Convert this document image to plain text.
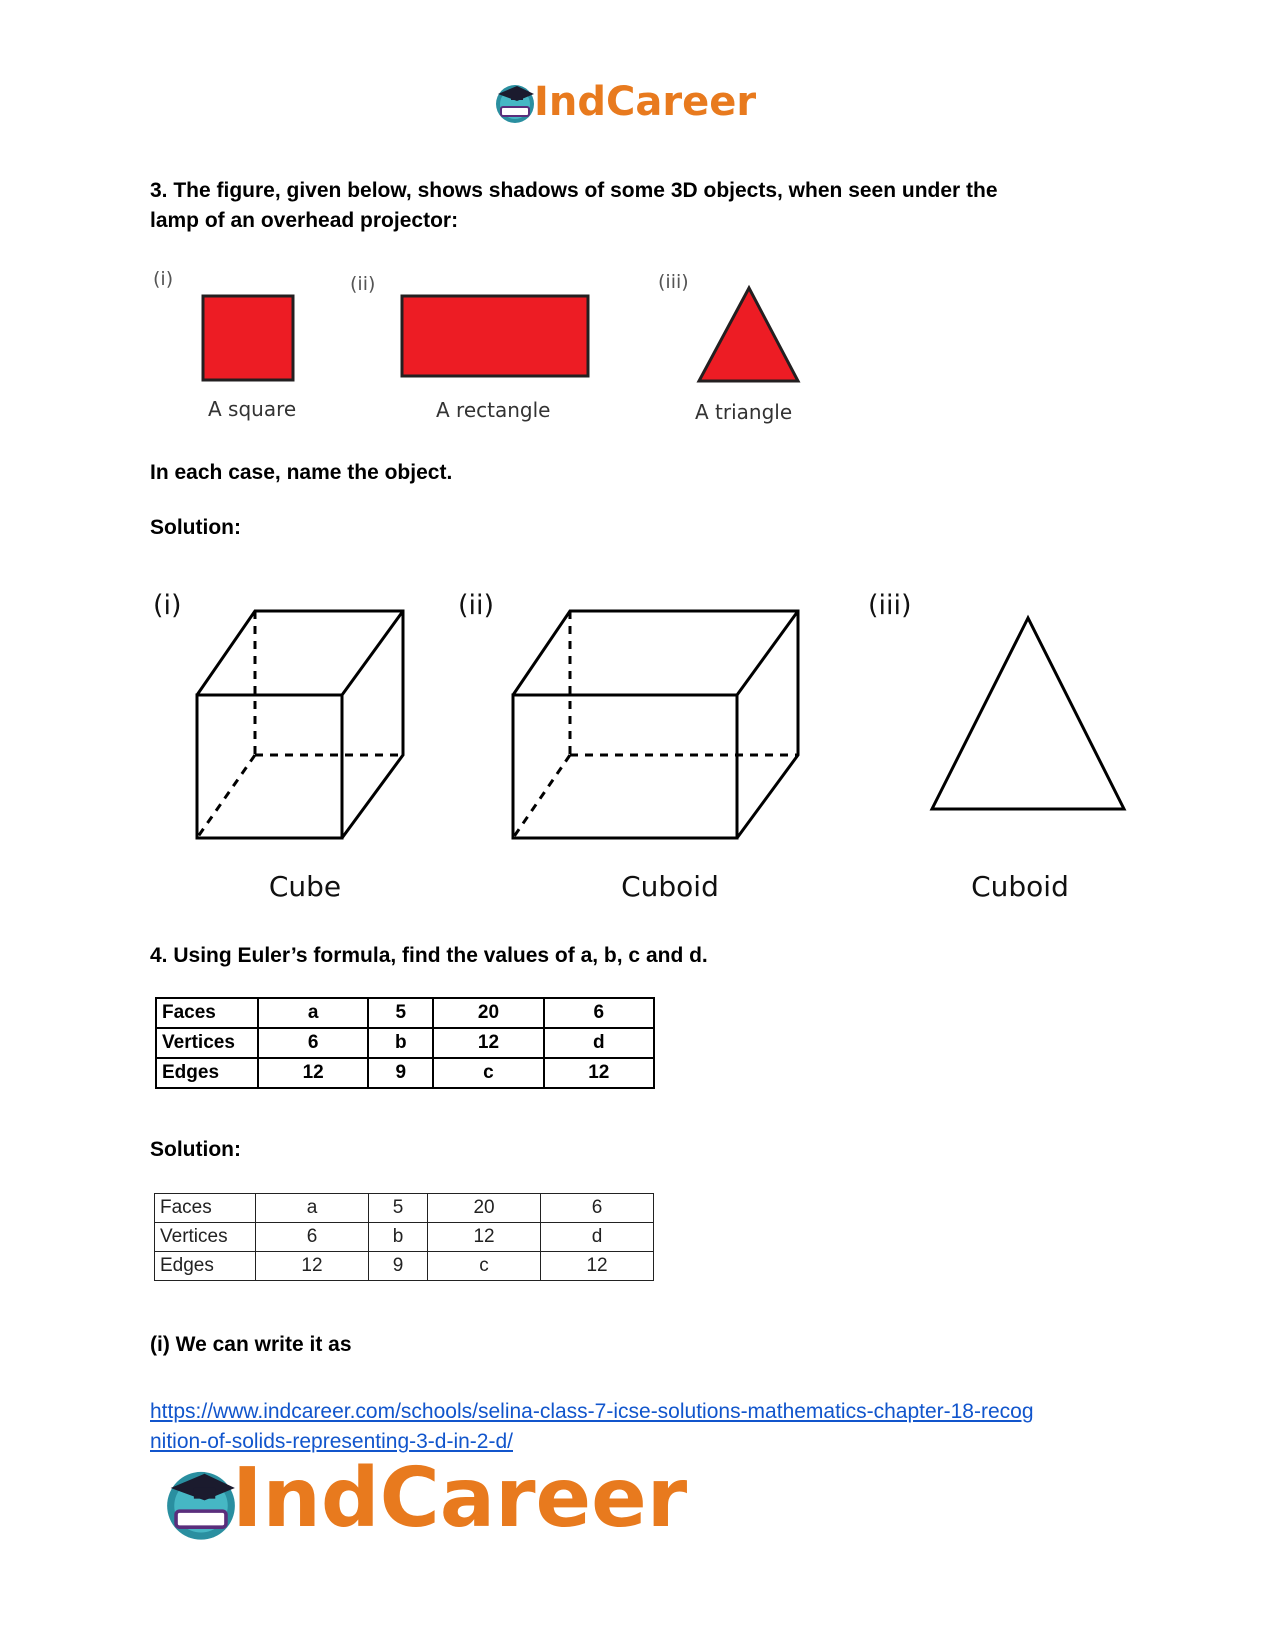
IndCareer
3. The figure, given below, shows shadows of some 3D objects, when seen under the
lamp of an overhead projector:
(i)	(ii)	(iii)
A square	A rectangle	A triangle
In each case, name the object.
Solution:
(i)	(ii)	(iii)
Cube	Cuboid	Cuboid
4. Using Euler’s formula, find the values of a, b, c and d.
Faces	a	5	20	6
Vertices	6	b	12	d
Edges	12	9	c	12
Solution:
Faces	a	5	20	6
Vertices	6	b	12	d
Edges	12	9	c	12
(i) We can write it as
https://www.indcareer.com/schools/selina-class-7-icse-solutions-mathematics-chapter-18-recog
nition-of-solids-representing-3-d-in-2-d/
IndCareer
